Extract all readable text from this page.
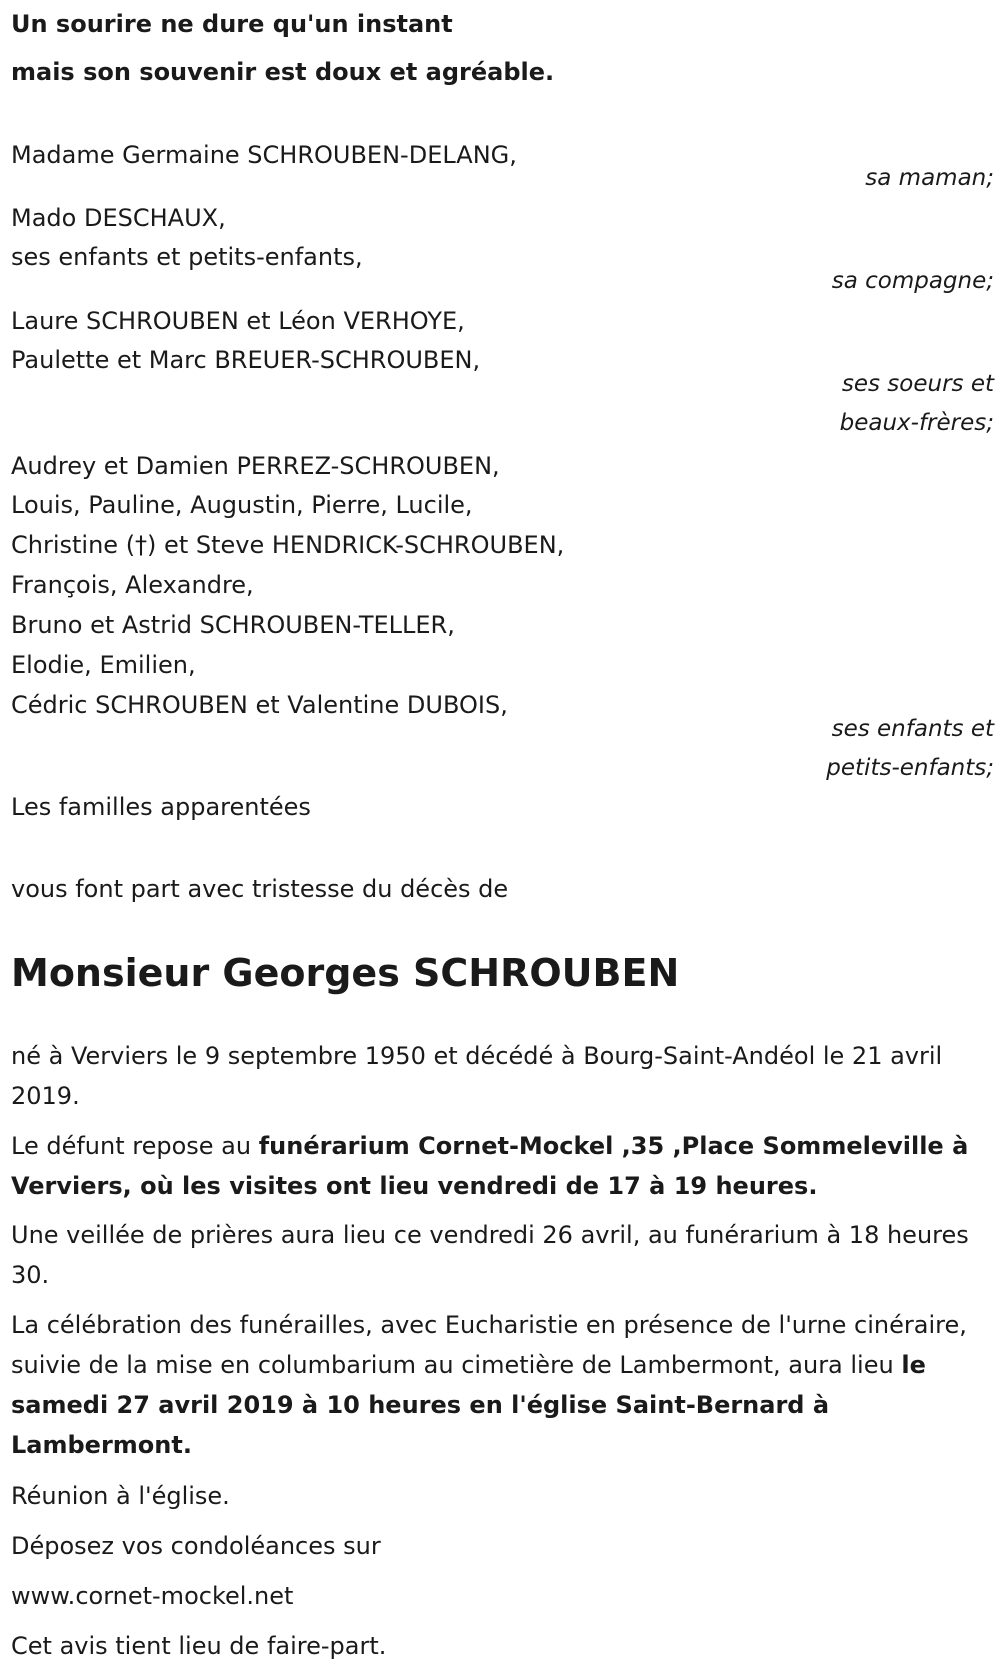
Un sourire ne dure qu'un instant
mais son souvenir est doux et agréable.
Madame Germaine SCHROUBEN-DELANG,
sa maman;
Mado DESCHAUX,
ses enfants et petits-enfants,
sa compagne;
Laure SCHROUBEN et Léon VERHOYE,
Paulette et Marc BREUER-SCHROUBEN,
ses soeurs et
beaux-frères;
Audrey et Damien PERREZ-SCHROUBEN,
Louis, Pauline, Augustin, Pierre, Lucile,
Christine (†) et Steve HENDRICK-SCHROUBEN,
François, Alexandre,
Bruno et Astrid SCHROUBEN-TELLER,
Elodie, Emilien,
Cédric SCHROUBEN et Valentine DUBOIS,
ses enfants et
petits-enfants;
Les familles apparentées
vous font part avec tristesse du décès de
Monsieur Georges SCHROUBEN
né à Verviers le 9 septembre 1950 et décédé à Bourg-Saint-Andéol le 21 avril 2019.
Le défunt repose au funérarium Cornet-Mockel ,35 ,Place Sommeleville à Verviers, où les visites ont lieu vendredi de 17 à 19 heures.
Une veillée de prières aura lieu ce vendredi 26 avril, au funérarium à 18 heures 30.
La célébration des funérailles, avec Eucharistie en présence de l'urne cinéraire, suivie de la mise en columbarium au cimetière de Lambermont, aura lieu le samedi 27 avril 2019 à 10 heures en l'église Saint-Bernard à Lambermont.
Réunion à l'église.
Déposez vos condoléances sur
www.cornet-mockel.net
Cet avis tient lieu de faire-part.
